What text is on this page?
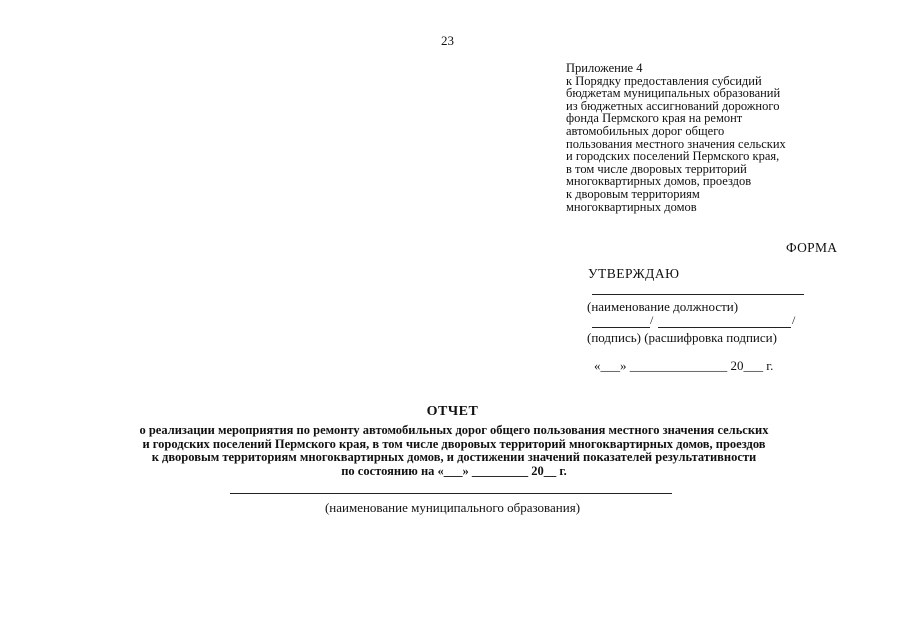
23
Приложение 4
к Порядку предоставления субсидий
бюджетам муниципальных образований
из бюджетных ассигнований дорожного
фонда Пермского края на ремонт
автомобильных дорог общего
пользования местного значения сельских
и городских поселений Пермского края,
в том числе дворовых территорий
многоквартирных домов, проездов
к дворовым территориям
многоквартирных домов
ФОРМА
УТВЕРЖДАЮ
(наименование должности)
/	/
(подпись) (расшифровка подписи)
«___» _______________ 20___ г.
ОТЧЕТ
о реализации мероприятия по ремонту автомобильных дорог общего пользования местного значения сельских
и городских поселений Пермского края, в том числе дворовых территорий многоквартирных домов, проездов
к дворовым территориям многоквартирных домов, и достижении значений показателей результативности
по состоянию на «___» _________ 20__ г.
(наименование муниципального образования)
